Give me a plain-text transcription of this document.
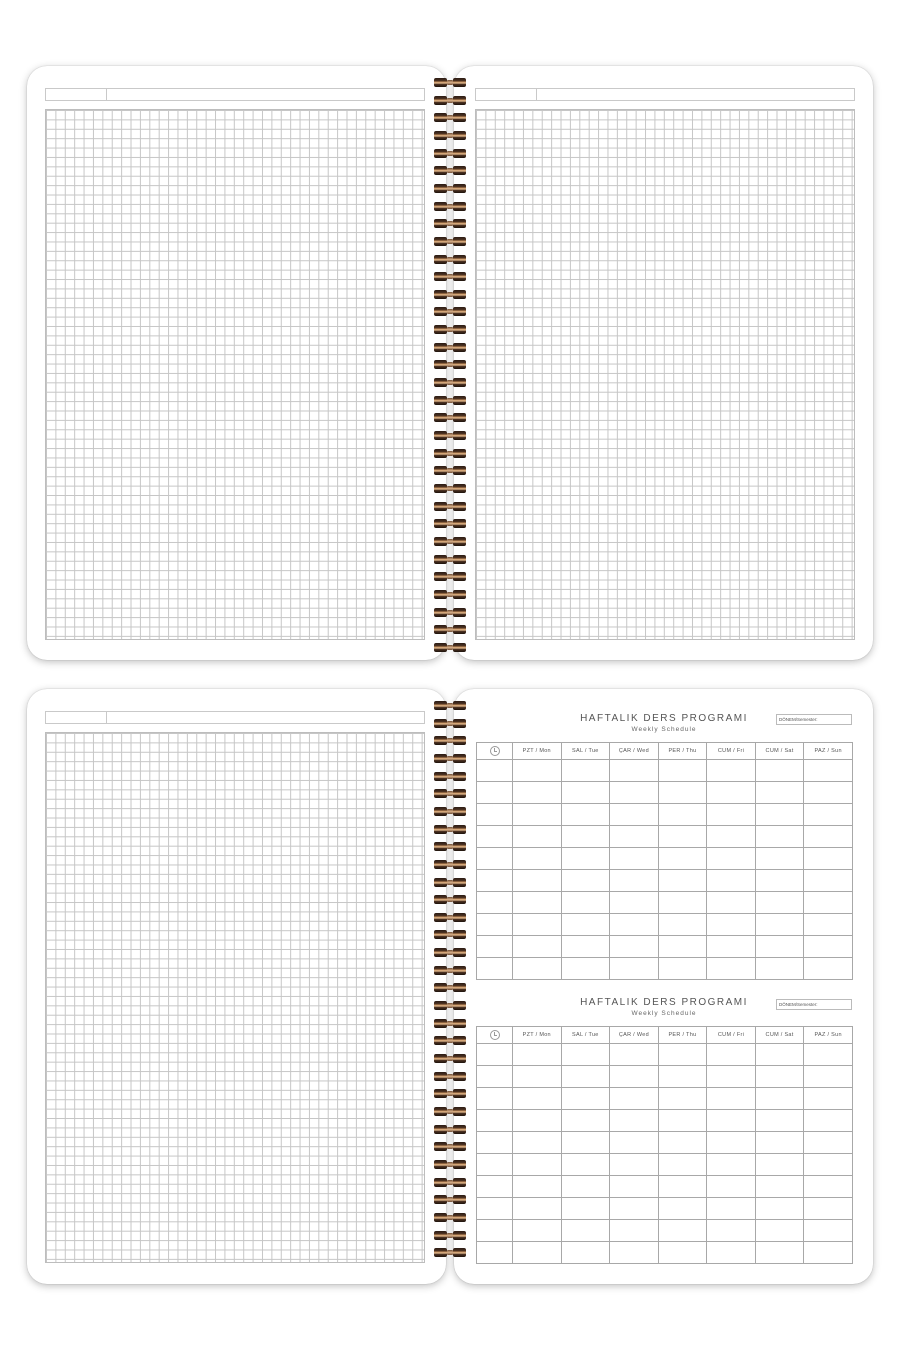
HAFTALIK DERS PROGRAMI
Weekly Schedule
DÖNEM/Semester:
	PZT / Mon	SAL / Tue	ÇAR / Wed	PER / Thu	CUM / Fri	CUM / Sat	PAZ / Sun

HAFTALIK DERS PROGRAMI
Weekly Schedule
DÖNEM/Semester:
	PZT / Mon	SAL / Tue	ÇAR / Wed	PER / Thu	CUM / Fri	CUM / Sat	PAZ / Sun
